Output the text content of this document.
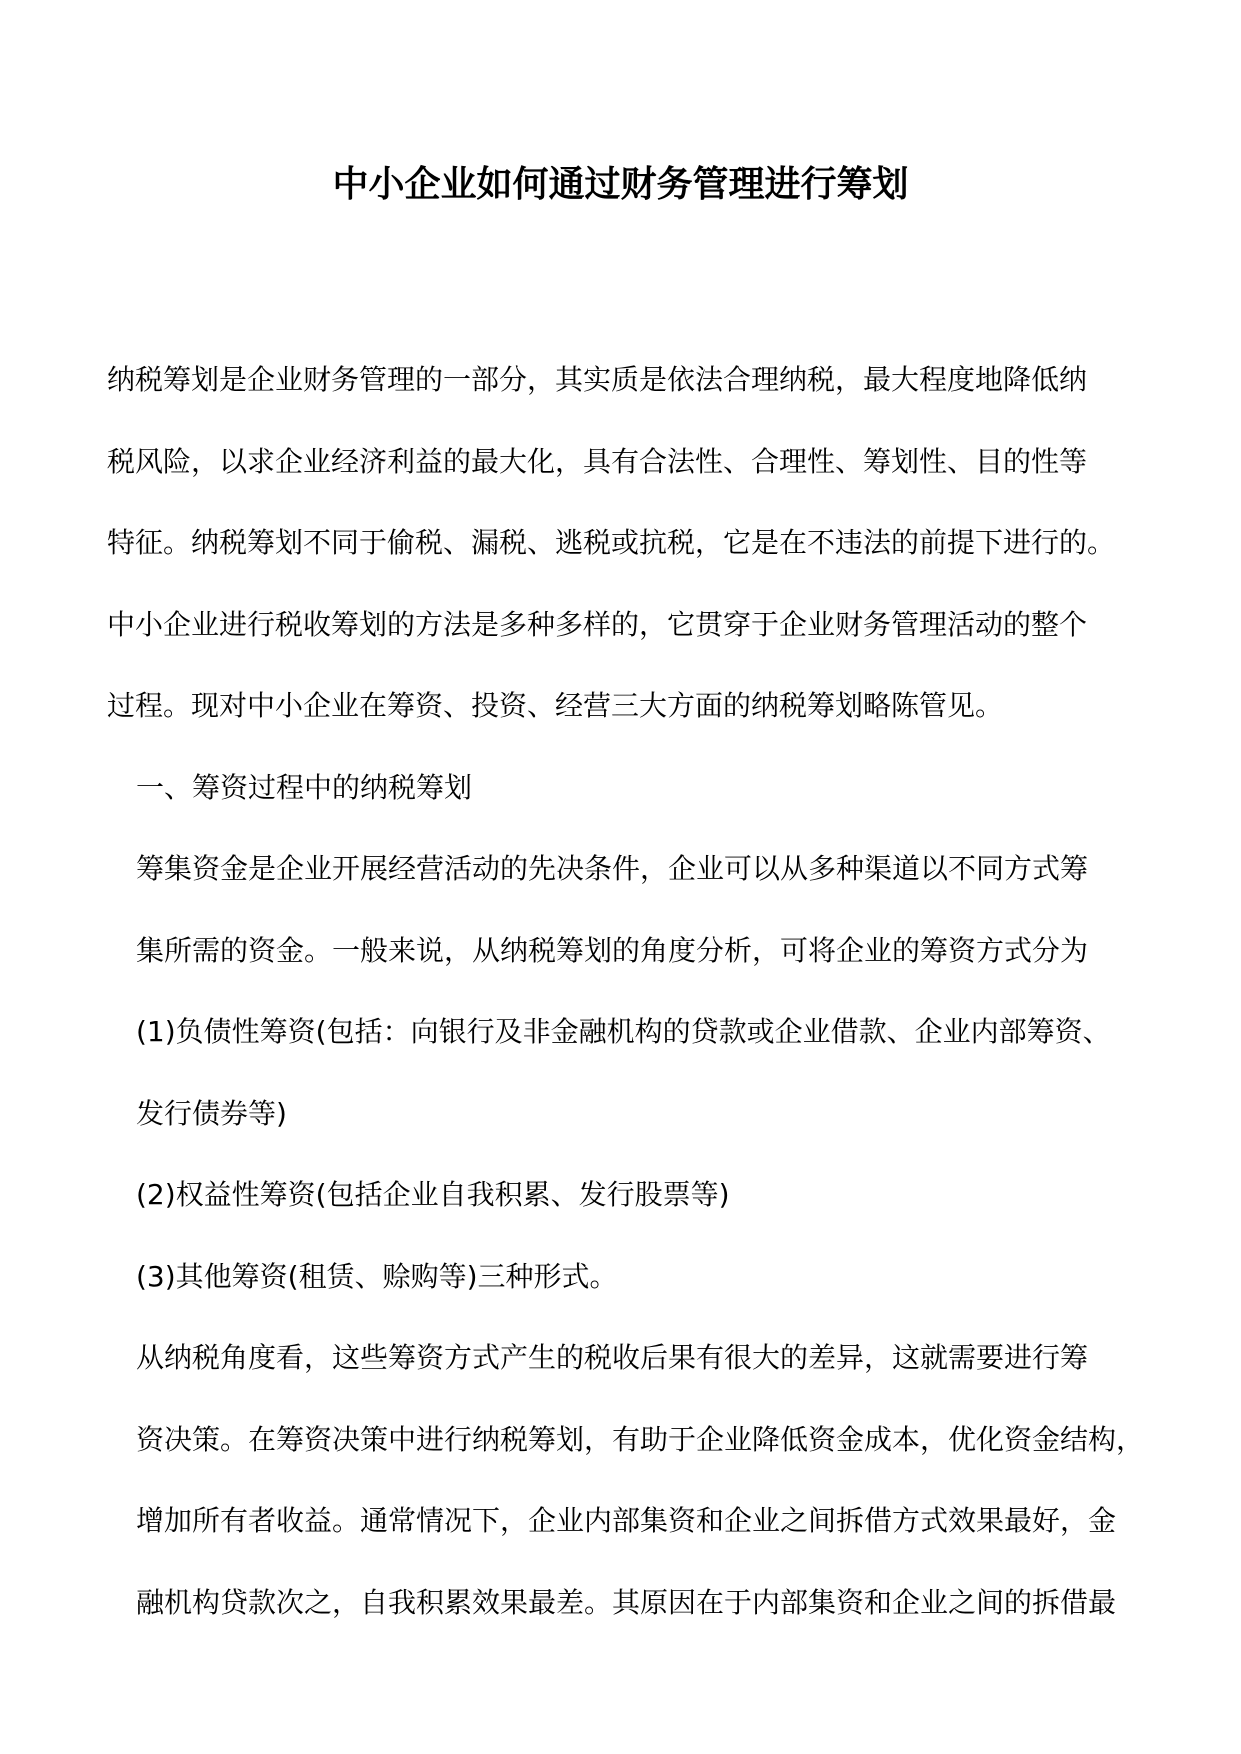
中小企业如何通过财务管理进行筹划

纳税筹划是企业财务管理的一部分，其实质是依法合理纳税，最大程度地降低纳
税风险，以求企业经济利益的最大化，具有合法性、合理性、筹划性、目的性等
特征。纳税筹划不同于偷税、漏税、逃税或抗税，它是在不违法的前提下进行的。
中小企业进行税收筹划的方法是多种多样的，它贯穿于企业财务管理活动的整个
过程。现对中小企业在筹资、投资、经营三大方面的纳税筹划略陈管见。

一、筹资过程中的纳税筹划

筹集资金是企业开展经营活动的先决条件，企业可以从多种渠道以不同方式筹
集所需的资金。一般来说，从纳税筹划的角度分析，可将企业的筹资方式分为

(1)负债性筹资(包括：向银行及非金融机构的贷款或企业借款、企业内部筹资、
发行债券等)

(2)权益性筹资(包括企业自我积累、发行股票等)

(3)其他筹资(租赁、赊购等)三种形式。

从纳税角度看，这些筹资方式产生的税收后果有很大的差异，这就需要进行筹
资决策。在筹资决策中进行纳税筹划，有助于企业降低资金成本，优化资金结构，
增加所有者收益。通常情况下，企业内部集资和企业之间拆借方式效果最好，金
融机构贷款次之，自我积累效果最差。其原因在于内部集资和企业之间的拆借最
